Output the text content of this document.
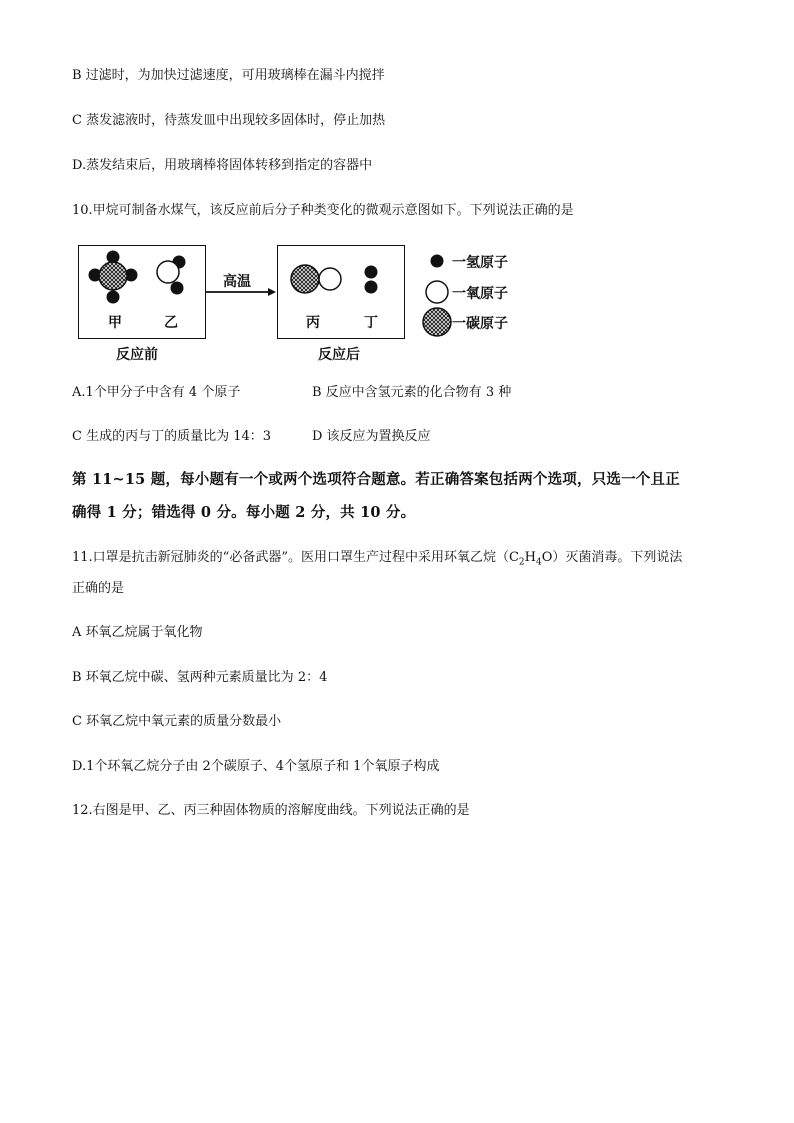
B 过滤时，为加快过滤速度，可用玻璃棒在漏斗内搅拌
C 蒸发滤液时，待蒸发皿中出现较多固体时，停止加热
D.蒸发结束后，用玻璃棒将固体转移到指定的容器中
10.甲烷可制备水煤气，该反应前后分子种类变化的微观示意图如下。下列说法正确的是
甲	乙
高温
丙	丁
反应前	反应后
一氢原子
一氧原子
一碳原子
A.1个甲分子中含有 4 个原子	B 反应中含氢元素的化合物有 3 种
C 生成的丙与丁的质量比为 14：3	D 该反应为置换反应
第 11~15 题，每小题有一个或两个选项符合题意。若正确答案包括两个选项，只选一个且正
确得 1 分；错选得 0 分。每小题 2 分，共 10 分。
11.口罩是抗击新冠肺炎的“必备武器”。医用口罩生产过程中采用环氧乙烷$(C_2H_4O)$灭菌消毒。下列说法
正确的是
A 环氧乙烷属于氧化物
B 环氧乙烷中碳、氢两种元素质量比为 2：4
C 环氧乙烷中氧元素的质量分数最小
D.1个环氧乙烷分子由 2个碳原子、4个氢原子和 1个氧原子构成
12.右图是甲、乙、丙三种固体物质的溶解度曲线。下列说法正确的是
